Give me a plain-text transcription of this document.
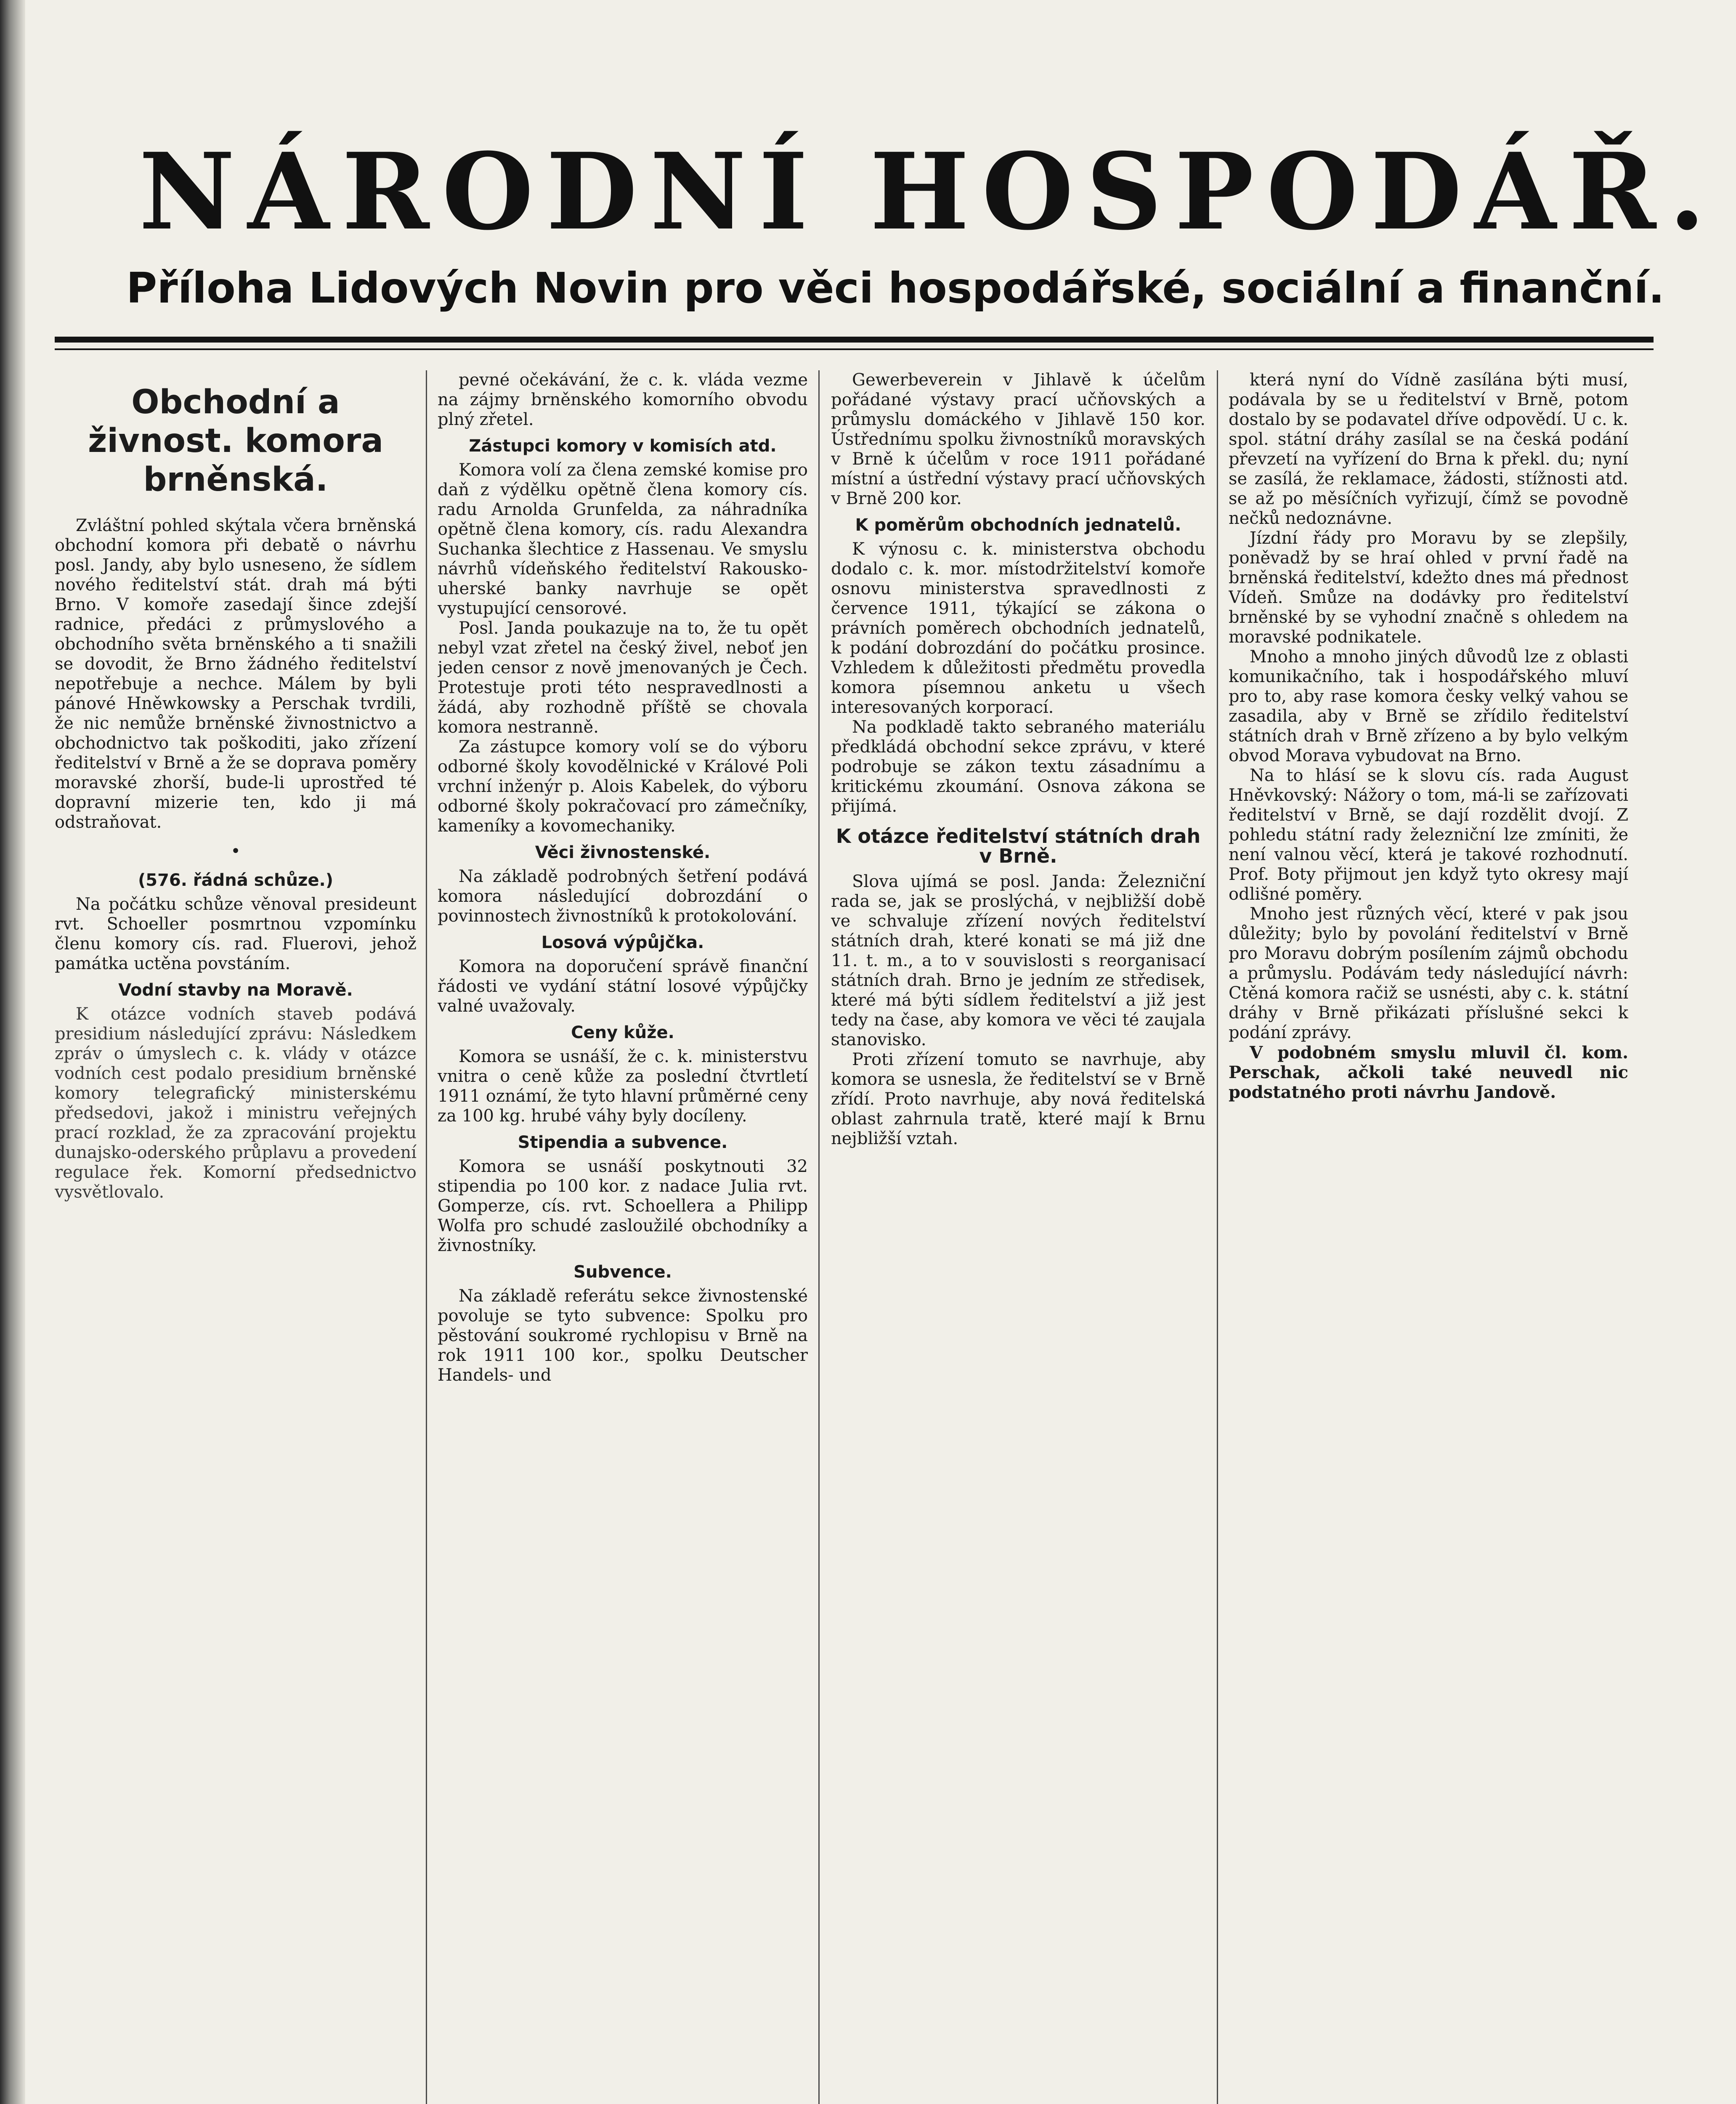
NÁRODNÍ HOSPODÁŘ.
Příloha Lidových Novin pro věci hospodářské, sociální a finanční.
Obchodní a živnost. komora brněnská.

Zvláštní pohled skýtala včera brněnská obchodní komora při debatě o návrhu posl. Jandy, aby bylo usneseno, že sídlem nového ředitelství stát. drah má býti Brno. V komoře zasedají šince zdejší radnice, předáci z průmyslového a obchodního světa brněnského a ti snažili se dovodit, že Brno žádného ředitelství nepotřebuje a nechce. Málem by byli pánové Hněwkowsky a Perschak tvrdili, že nic nemůže brněnské živnostnictvo a obchodnictvo tak poškoditi, jako zřízení ředitelství v Brně a že se doprava poměry moravské zhorší, bude-li uprostřed té dopravní mizerie ten, kdo ji má odstraňovat.

•
(576. řádná schůze.)

Na počátku schůze věnoval presideunt rvt. Schoeller posmrtnou vzpomínku členu komory cís. rad. Fluerovi, jehož památka uctěna povstáním.

Vodní stavby na Moravě.

K otázce vodních staveb podává presidium následující zprávu: Následkem zpráv o úmyslech c. k. vlády v otázce vodních cest podalo presidium brněnské komory telegrafický ministerskému předsedovi, jakož i ministru veřejných prací rozklad, že za zpracování projektu dunajsko-oderského průplavu a provedení regulace řek. Komorní předsednictvo vysvětlovalo.

pevné očekávání, že c. k. vláda vezme na zájmy brněnského komorního obvodu plný zřetel.

Zástupci komory v komisích atd.

Komora volí za člena zemské komise pro daň z výdělku opětně člena komory cís. radu Arnolda Grunfelda, za náhradníka opětně člena komory, cís. radu Alexandra Suchanka šlechtice z Hassenau. Ve smyslu návrhů vídeňského ředitelství Rakousko-uherské banky navrhuje se opět vystupující censorové.

Posl. Janda poukazuje na to, že tu opět nebyl vzat zřetel na český živel, neboť jen jeden censor z nově jmenovaných je Čech. Protestuje proti této nespravedlnosti a žádá, aby rozhodně příště se chovala komora nestranně.

Za zástupce komory volí se do výboru odborné školy kovodělnické v Králové Poli vrchní inženýr p. Alois Kabelek, do výboru odborné školy pokračovací pro zámečníky, kameníky a kovomechaniky.

Věci živnostenské.

Na základě podrobných šetření podává komora následující dobrozdání o povinnostech živnostníků k protokolování.

Losová výpůjčka.

Komora na doporučení správě finanční řádosti ve vydání státní losové výpůjčky valné uvažovaly.

Ceny kůže.

Komora se usnáší, že c. k. ministerstvu vnitra o ceně kůže za poslední čtvrtletí 1911 oznámí, že tyto hlavní průměrné ceny za 100 kg. hrubé váhy byly docíleny.

Stipendia a subvence.

Komora se usnáší poskytnouti 32 stipendia po 100 kor. z nadace Julia rvt. Gomperze, cís. rvt. Schoellera a Philipp Wolfa pro schudé zasloužilé obchodníky a živnostníky.

Subvence.

Na základě referátu sekce živnostenské povoluje se tyto subvence: Spolku pro pěstování soukromé rychlopisu v Brně na rok 1911 100 kor., spolku Deutscher Handels- und

Gewerbeverein v Jihlavě k účelům pořádané výstavy prací učňovských a průmyslu domáckého v Jihlavě 150 kor. Ústřednímu spolku živnostníků moravských v Brně k účelům v roce 1911 pořádané místní a ústřední výstavy prací učňovských v Brně 200 kor.

K poměrům obchodních jednatelů.

K výnosu c. k. ministerstva obchodu dodalo c. k. mor. místodržitelství komoře osnovu ministerstva spravedlnosti z července 1911, týkající se zákona o právních poměrech obchodních jednatelů, k podání dobrozdání do počátku prosince. Vzhledem k důležitosti předmětu provedla komora písemnou anketu u všech interesovaných korporací.

Na podkladě takto sebraného materiálu předkládá obchodní sekce zprávu, v které podrobuje se zákon textu zásadnímu a kritickému zkoumání. Osnova zákona se přijímá.

K otázce ředitelství státních drah v Brně.

Slova ujímá se posl. Janda: Železniční rada se, jak se proslýchá, v nejbližší době ve schvaluje zřízení nových ředitelství státních drah, které konati se má již dne 11. t. m., a to v souvislosti s reorganisací státních drah. Brno je jedním ze středisek, které má býti sídlem ředitelství a již jest tedy na čase, aby komora ve věci té zaujala stanovisko.

Proti zřízení tomuto se navrhuje, aby komora se usnesla, že ředitelství se v Brně zřídí. Proto navrhuje, aby nová ředitelská oblast zahrnula tratě, které mají k Brnu nejbližší vztah.

která nyní do Vídně zasílána býti musí, podávala by se u ředitelství v Brně, potom dostalo by se podavatel dříve odpovědí. U c. k. spol. státní dráhy zasílal se na česká podání převzetí na vyřízení do Brna k překl. du; nyní se zasílá, že reklamace, žádosti, stížnosti atd. se až po měsíčních vyřizují, čímž se povodně nečků nedoznávne.

Jízdní řády pro Moravu by se zlepšily, poněvadž by se hraí ohled v první řadě na brněnská ředitelství, kdežto dnes má přednost Vídeň. Smůze na dodávky pro ředitelství brněnské by se vyhodní značně s ohledem na moravské podnikatele.

Mnoho a mnoho jiných důvodů lze z oblasti komunikačního, tak i hospodářského mluví pro to, aby rase komora česky velký vahou se zasadila, aby v Brně se zřídilo ředitelství státních drah v Brně zřízeno a by bylo velkým obvod Morava vybudovat na Brno.

Na to hlásí se k slovu cís. rada August Hněvkovský: Nážory o tom, má-li se zařízovati ředitelství v Brně, se dají rozdělit dvojí. Z pohledu státní rady železniční lze zmíniti, že není valnou věcí, která je takové rozhodnutí. Prof. Boty přijmout jen když tyto okresy mají odlišné poměry.

Mnoho jest různých věcí, které v pak jsou důležity; bylo by povolání ředitelství v Brně pro Moravu dobrým posílením zájmů obchodu a průmyslu. Podávám tedy následující návrh: Ctěná komora račiž se usnésti, aby c. k. státní dráhy v Brně přikázati příslušné sekci k podání zprávy.

V podobném smyslu mluvil čl. kom. Perschak, ačkoli také neuvedl nic podstatného proti návrhu Jandově.
